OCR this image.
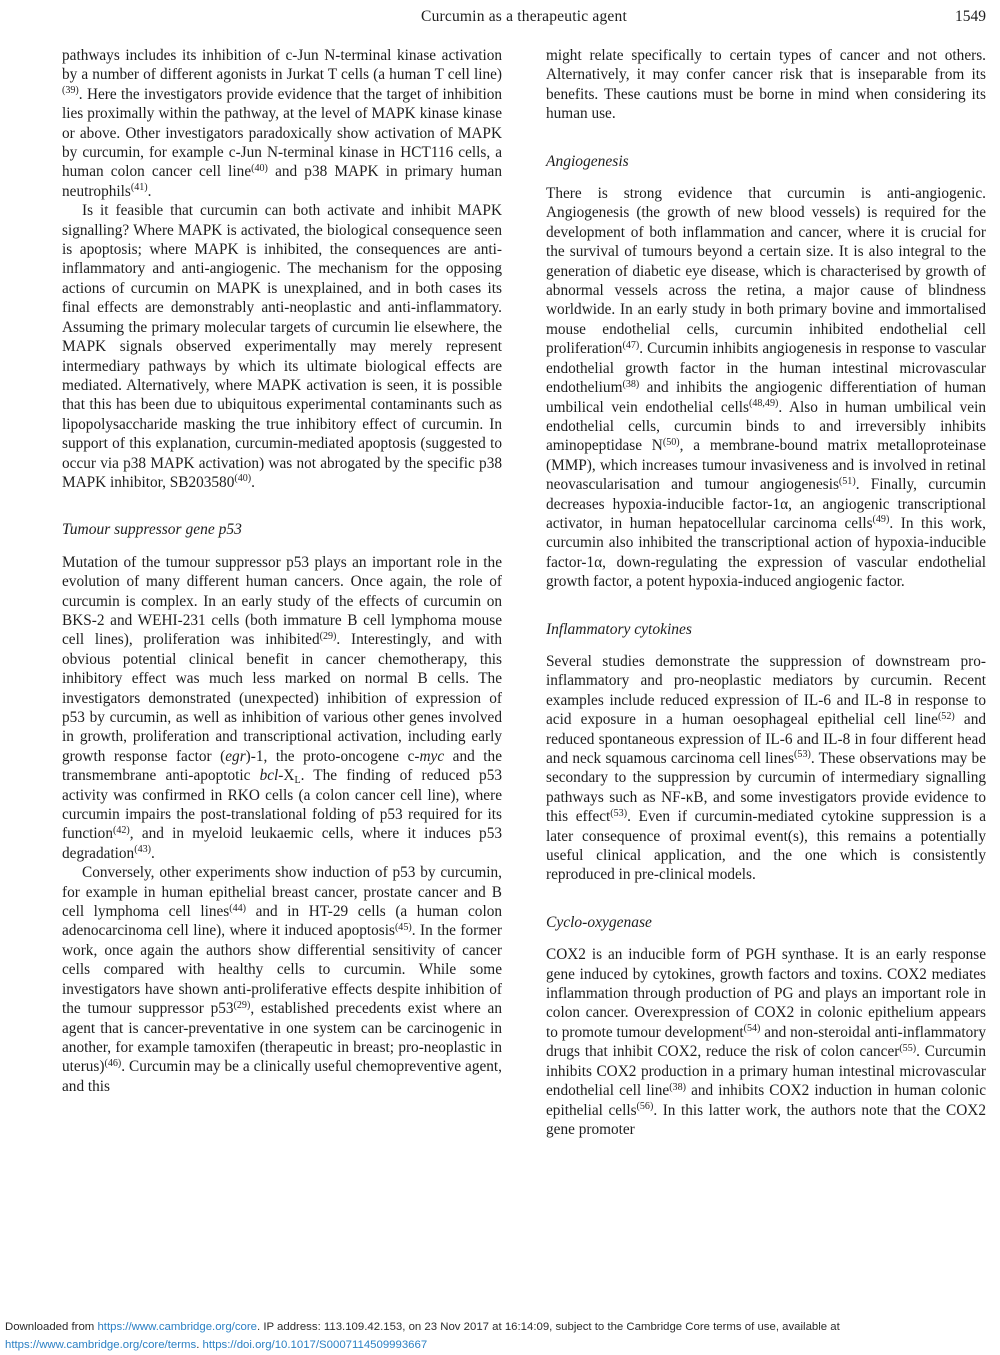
Curcumin as a therapeutic agent	1549

pathways includes its inhibition of c-Jun N-terminal kinase activation by a number of different agonists in Jurkat T cells (a human T cell line)$^{(39)}$. Here the investigators provide evidence that the target of inhibition lies proximally within the pathway, at the level of MAPK kinase kinase or above. Other investigators paradoxically show activation of MAPK by curcumin, for example c-Jun N-terminal kinase in HCT116 cells, a human colon cancer cell line$^{(40)}$ and p38 MAPK in primary human neutrophils$^{(41)}$.

Is it feasible that curcumin can both activate and inhibit MAPK signalling? Where MAPK is activated, the biological consequence seen is apoptosis; where MAPK is inhibited, the consequences are anti-inflammatory and anti-angiogenic. The mechanism for the opposing actions of curcumin on MAPK is unexplained, and in both cases its final effects are demonstrably anti-neoplastic and anti-inflammatory. Assuming the primary molecular targets of curcumin lie elsewhere, the MAPK signals observed experimentally may merely represent intermediary pathways by which its ultimate biological effects are mediated. Alternatively, where MAPK activation is seen, it is possible that this has been due to ubiquitous experimental contaminants such as lipopolysaccharide masking the true inhibitory effect of curcumin. In support of this explanation, curcumin-mediated apoptosis (suggested to occur via p38 MAPK activation) was not abrogated by the specific p38 MAPK inhibitor, SB203580$^{(40)}$.

Tumour suppressor gene p53

Mutation of the tumour suppressor p53 plays an important role in the evolution of many different human cancers. Once again, the role of curcumin is complex. In an early study of the effects of curcumin on BKS-2 and WEHI-231 cells (both immature B cell lymphoma mouse cell lines), proliferation was inhibited$^{(29)}$. Interestingly, and with obvious potential clinical benefit in cancer chemotherapy, this inhibitory effect was much less marked on normal B cells. The investigators demonstrated (unexpected) inhibition of expression of p53 by curcumin, as well as inhibition of various other genes involved in growth, proliferation and transcriptional activation, including early growth response factor (egr)-1, the proto-oncogene c-myc and the transmembrane anti-apoptotic bcl-$X_L$. The finding of reduced p53 activity was confirmed in RKO cells (a colon cancer cell line), where curcumin impairs the post-translational folding of p53 required for its function$^{(42)}$, and in myeloid leukaemic cells, where it induces p53 degradation$^{(43)}$.

Conversely, other experiments show induction of p53 by curcumin, for example in human epithelial breast cancer, prostate cancer and B cell lymphoma cell lines$^{(44)}$ and in HT-29 cells (a human colon adenocarcinoma cell line), where it induced apoptosis$^{(45)}$. In the former work, once again the authors show differential sensitivity of cancer cells compared with healthy cells to curcumin. While some investigators have shown anti-proliferative effects despite inhibition of the tumour suppressor p53$^{(29)}$, established precedents exist where an agent that is cancer-preventative in one system can be carcinogenic in another, for example tamoxifen (therapeutic in breast; pro-neoplastic in uterus)$^{(46)}$. Curcumin may be a clinically useful chemopreventive agent, and this

might relate specifically to certain types of cancer and not others. Alternatively, it may confer cancer risk that is inseparable from its benefits. These cautions must be borne in mind when considering its human use.

Angiogenesis

There is strong evidence that curcumin is anti-angiogenic. Angiogenesis (the growth of new blood vessels) is required for the development of both inflammation and cancer, where it is crucial for the survival of tumours beyond a certain size. It is also integral to the generation of diabetic eye disease, which is characterised by growth of abnormal vessels across the retina, a major cause of blindness worldwide. In an early study in both primary bovine and immortalised mouse endothelial cells, curcumin inhibited endothelial cell proliferation$^{(47)}$. Curcumin inhibits angiogenesis in response to vascular endothelial growth factor in the human intestinal microvascular endothelium$^{(38)}$ and inhibits the angiogenic differentiation of human umbilical vein endothelial cells$^{(48,49)}$. Also in human umbilical vein endothelial cells, curcumin binds to and irreversibly inhibits aminopeptidase $N^{(50)}$, a membrane-bound matrix metalloproteinase (MMP), which increases tumour invasiveness and is involved in retinal neovascularisation and tumour angiogenesis$^{(51)}$. Finally, curcumin decreases hypoxia-inducible factor-1α, an angiogenic transcriptional activator, in human hepatocellular carcinoma cells$^{(49)}$. In this work, curcumin also inhibited the transcriptional action of hypoxia-inducible factor-1α, down-regulating the expression of vascular endothelial growth factor, a potent hypoxia-induced angiogenic factor.

Inflammatory cytokines

Several studies demonstrate the suppression of downstream pro-inflammatory and pro-neoplastic mediators by curcumin. Recent examples include reduced expression of IL-6 and IL-8 in response to acid exposure in a human oesophageal epithelial cell line$^{(52)}$ and reduced spontaneous expression of IL-6 and IL-8 in four different head and neck squamous carcinoma cell lines$^{(53)}$. These observations may be secondary to the suppression by curcumin of intermediary signalling pathways such as NF-κB, and some investigators provide evidence to this effect$^{(53)}$. Even if curcumin-mediated cytokine suppression is a later consequence of proximal event(s), this remains a potentially useful clinical application, and the one which is consistently reproduced in pre-clinical models.

Cyclo-oxygenase

COX2 is an inducible form of PGH synthase. It is an early response gene induced by cytokines, growth factors and toxins. COX2 mediates inflammation through production of PG and plays an important role in colon cancer. Overexpression of COX2 in colonic epithelium appears to promote tumour development$^{(54)}$ and non-steroidal anti-inflammatory drugs that inhibit COX2, reduce the risk of colon cancer$^{(55)}$. Curcumin inhibits COX2 production in a primary human intestinal microvascular endothelial cell line$^{(38)}$ and inhibits COX2 induction in human colonic epithelial cells$^{(56)}$. In this latter work, the authors note that the COX2 gene promoter

Downloaded from https://www.cambridge.org/core. IP address: 113.109.42.153, on 23 Nov 2017 at 16:14:09, subject to the Cambridge Core terms of use, available at
https://www.cambridge.org/core/terms. https://doi.org/10.1017/S0007114509993667
